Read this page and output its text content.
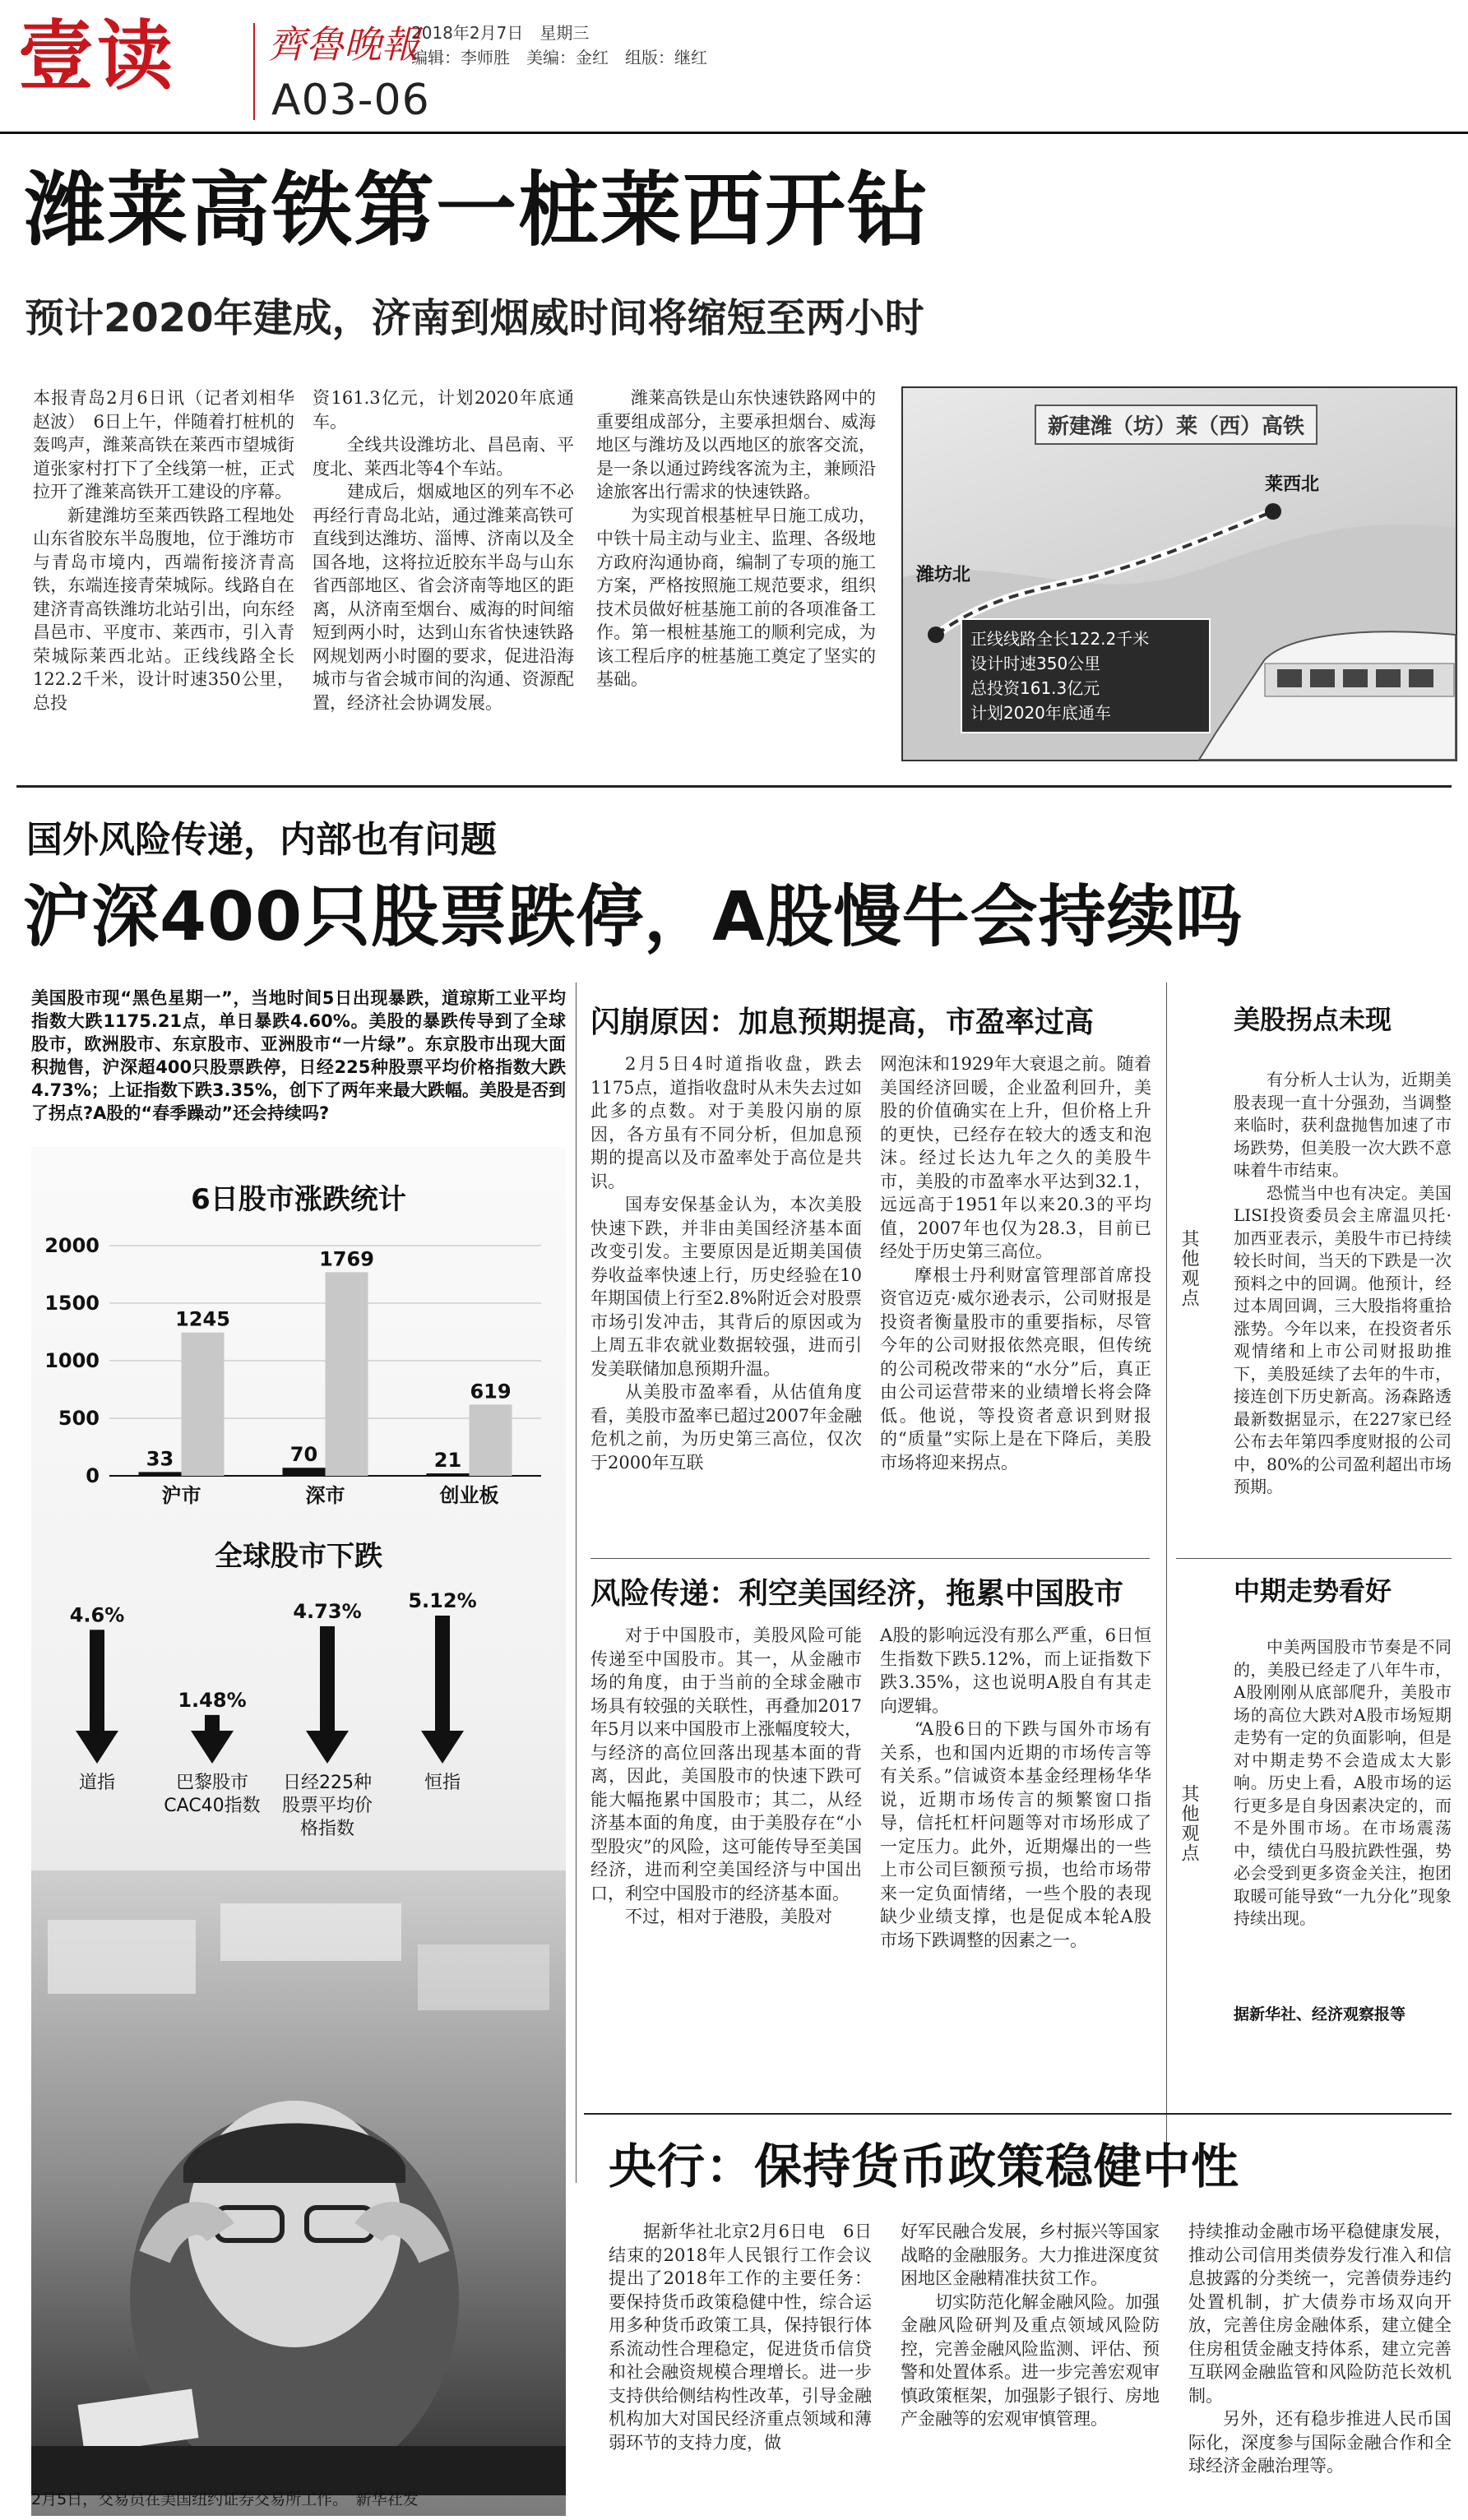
壹读 齊魯晚報
A03-06
2018年2月7日　 星期三
编辑：李师胜　美编：金红　组版：继红
潍莱高铁第一桩莱西开钻
预计2020年建成，济南到烟威时间将缩短至两小时

本报青岛2月6日讯（记者刘相华　赵波）　6日上午，伴随着打桩机的轰鸣声，潍莱高铁在莱西市望城街道张家村打下了全线第一桩，正式拉开了潍莱高铁开工建设的序幕。

新建潍坊至莱西铁路工程地处山东省胶东半岛腹地，位于潍坊市与青岛市境内，西端衔接济青高铁，东端连接青荣城际。线路自在建济青高铁潍坊北站引出，向东经昌邑市、平度市、莱西市，引入青荣城际莱西北站。正线线路全长122.2千米，设计时速350公里，总投

资161.3亿元，计划2020年底通车。

全线共设潍坊北、昌邑南、平度北、莱西北等4个车站。

建成后，烟威地区的列车不必再经行青岛北站，通过潍莱高铁可直线到达潍坊、淄博、济南以及全国各地，这将拉近胶东半岛与山东省西部地区、省会济南等地区的距离，从济南至烟台、威海的时间缩短到两小时，达到山东省快速铁路网规划两小时圈的要求，促进沿海城市与省会城市间的沟通、资源配置，经济社会协调发展。

潍莱高铁是山东快速铁路网中的重要组成部分，主要承担烟台、威海地区与潍坊及以西地区的旅客交流，是一条以通过跨线客流为主，兼顾沿途旅客出行需求的快速铁路。

为实现首根基桩早日施工成功，中铁十局主动与业主、监理、各级地方政府沟通协商，编制了专项的施工方案，严格按照施工规范要求，组织技术员做好桩基施工前的各项准备工作。第一根桩基施工的顺利完成，为该工程后序的桩基施工奠定了坚实的基础。

新建潍（坊）莱（西）高铁
潍坊北
莱西北
正线线路全长122.2千米
设计时速350公里
总投资161.3亿元
计划2020年底通车
国外风险传递，内部也有问题
沪深400只股票跌停，A股慢牛会持续吗
美国股市现“黑色星期一”，当地时间5日出现暴跌，道琼斯工业平均指数大跌1175.21点，单日暴跌4.60%。美股的暴跌传导到了全球股市，欧洲股市、东京股市、亚洲股市“一片绿”。东京股市出现大面积抛售，沪深超400只股票跌停，日经225种股票平均价格指数大跌4.73%；上证指数下跌3.35%，创下了两年来最大跌幅。美股是否到了拐点?A股的“春季躁动”还会持续吗?
6日股市涨跌统计
0
500
1000
1500
2000
33
1245
沪市
70
1769
深市
21
619
创业板
全球股市下跌
4.6%
道指
1.48%
巴黎股市
CAC40指数
4.73%
日经225种
股票平均价
格指数
5.12%
恒指
2月5日，交易员在美国纽约证券交易所工作。　新华社发
闪崩原因：加息预期提高，市盈率过高

2月5日4时道指收盘，跌去1175点，道指收盘时从未失去过如此多的点数。对于美股闪崩的原因，各方虽有不同分析，但加息预期的提高以及市盈率处于高位是共识。

国寿安保基金认为，本次美股快速下跌，并非由美国经济基本面改变引发。主要原因是近期美国债券收益率快速上行，历史经验在10年期国债上行至2.8%附近会对股票市场引发冲击，其背后的原因或为上周五非农就业数据较强，进而引发美联储加息预期升温。

从美股市盈率看，从估值角度看，美股市盈率已超过2007年金融危机之前，为历史第三高位，仅次于2000年互联

网泡沫和1929年大衰退之前。随着美国经济回暖，企业盈利回升，美股的价值确实在上升，但价格上升的更快，已经存在较大的透支和泡沫。经过长达九年之久的美股牛市，美股的市盈率水平达到32.1，远远高于1951年以来20.3的平均值，2007年也仅为28.3，目前已经处于历史第三高位。

摩根士丹利财富管理部首席投资官迈克·威尔逊表示，公司财报是投资者衡量股市的重要指标，尽管今年的公司财报依然亮眼，但传统的公司税改带来的“水分”后，真正由公司运营带来的业绩增长将会降低。他说，等投资者意识到财报的“质量”实际上是在下降后，美股市场将迎来拐点。

风险传递：利空美国经济，拖累中国股市

对于中国股市，美股风险可能传递至中国股市。其一，从金融市场的角度，由于当前的全球金融市场具有较强的关联性，再叠加2017年5月以来中国股市上涨幅度较大，与经济的高位回落出现基本面的背离，因此，美国股市的快速下跌可能大幅拖累中国股市；其二，从经济基本面的角度，由于美股存在“小型股灾”的风险，这可能传导至美国经济，进而利空美国经济与中国出口，利空中国股市的经济基本面。

不过，相对于港股，美股对

A股的影响远没有那么严重，6日恒生指数下跌5.12%，而上证指数下跌3.35%，这也说明A股自有其走向逻辑。

“A股6日的下跌与国外市场有关系，也和国内近期的市场传言等有关系。”信诚资本基金经理杨华华说，近期市场传言的频繁窗口指导，信托杠杆问题等对市场形成了一定压力。此外，近期爆出的一些上市公司巨额预亏损，也给市场带来一定负面情绪，一些个股的表现缺少业绩支撑，也是促成本轮A股市场下跌调整的因素之一。

美股拐点未现
其他观点

有分析人士认为，近期美股表现一直十分强劲，当调整来临时，获利盘抛售加速了市场跌势，但美股一次大跌不意味着牛市结束。

恐慌当中也有决定。美国LISI投资委员会主席温贝托·加西亚表示，美股牛市已持续较长时间，当天的下跌是一次预料之中的回调。他预计，经过本周回调，三大股指将重拾涨势。今年以来，在投资者乐观情绪和上市公司财报助推下，美股延续了去年的牛市，接连创下历史新高。汤森路透最新数据显示，在227家已经公布去年第四季度财报的公司中，80%的公司盈利超出市场预期。

中期走势看好
其他观点

中美两国股市节奏是不同的，美股已经走了八年牛市，A股刚刚从底部爬升，美股市场的高位大跌对A股市场短期走势有一定的负面影响，但是对中期走势不会造成太大影响。历史上看，A股市场的运行更多是自身因素决定的，而不是外围市场。在市场震荡中，绩优白马股抗跌性强，势必会受到更多资金关注，抱团取暖可能导致“一九分化”现象持续出现。

据新华社、经济观察报等
央行：保持货币政策稳健中性

据新华社北京2月6日电　6日结束的2018年人民银行工作会议提出了2018年工作的主要任务：要保持货币政策稳健中性，综合运用多种货币政策工具，保持银行体系流动性合理稳定，促进货币信贷和社会融资规模合理增长。进一步支持供给侧结构性改革，引导金融机构加大对国民经济重点领域和薄弱环节的支持力度，做

好军民融合发展，乡村振兴等国家战略的金融服务。大力推进深度贫困地区金融精准扶贫工作。

切实防范化解金融风险。加强金融风险研判及重点领域风险防控，完善金融风险监测、评估、预警和处置体系。进一步完善宏观审慎政策框架，加强影子银行、房地产金融等的宏观审慎管理。

持续推动金融市场平稳健康发展，推动公司信用类债券发行准入和信息披露的分类统一，完善债券违约处置机制，扩大债券市场双向开放，完善住房金融体系，建立健全住房租赁金融支持体系，建立完善互联网金融监管和风险防范长效机制。

另外，还有稳步推进人民币国际化，深度参与国际金融合作和全球经济金融治理等。
